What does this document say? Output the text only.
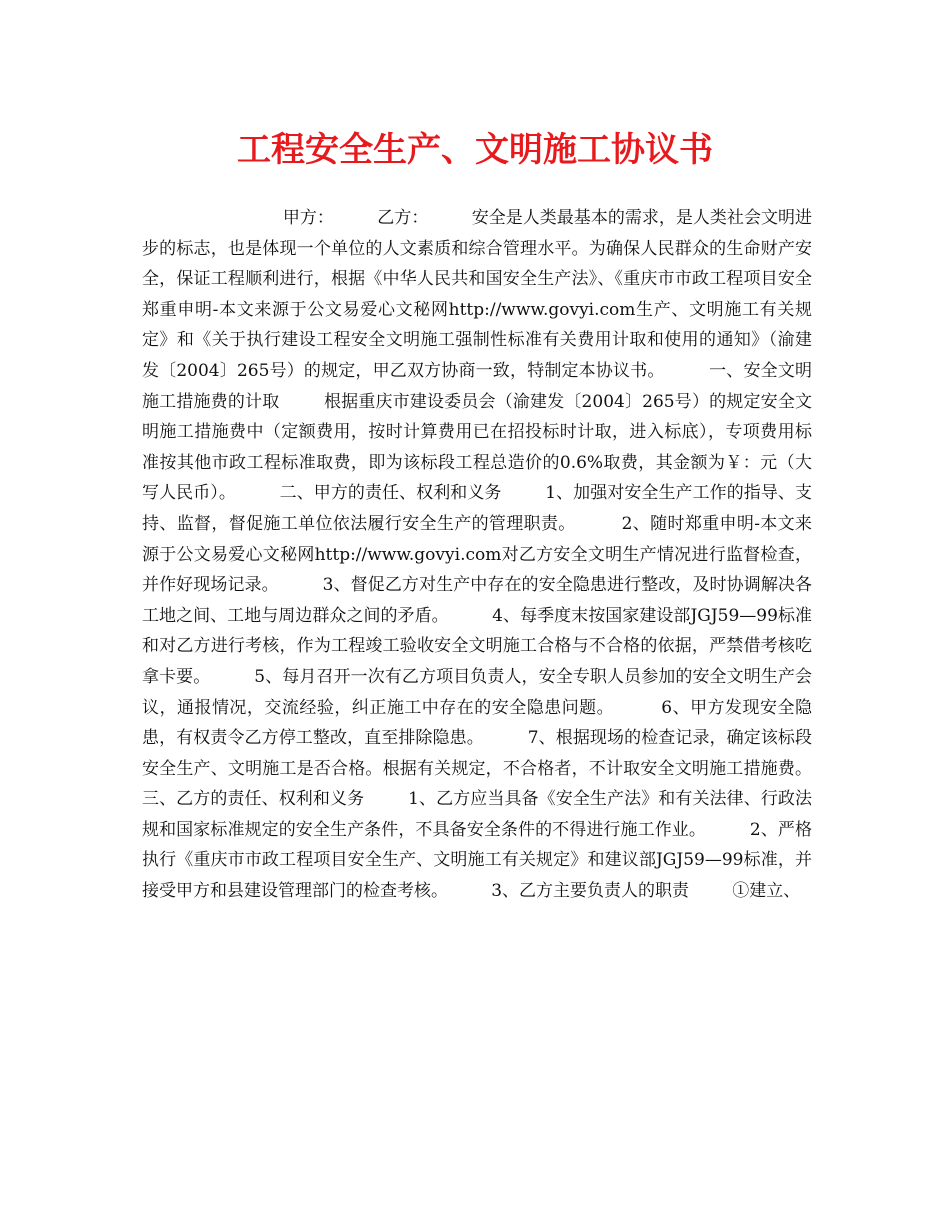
工程安全生产、文明施工协议书

甲方：        乙方：        安全是人类最基本的需求，是人类社会文明进步的标志，也是体现一个单位的人文素质和综合管理水平。为确保人民群众的生命财产安全，保证工程顺利进行，根据《中华人民共和国安全生产法》、《重庆市市政工程项目安全郑重申明-本文来源于公文易爱心文秘网http://www.govyi.com生产、文明施工有关规定》和《关于执行建设工程安全文明施工强制性标准有关费用计取和使用的通知》（渝建发〔2004〕265号）的规定，甲乙双方协商一致，特制定本协议书。        一、安全文明施工措施费的计取        根据重庆市建设委员会（渝建发〔2004〕265号）的规定安全文明施工措施费中（定额费用，按时计算费用已在招投标时计取，进入标底），专项费用标准按其他市政工程标准取费，即为该标段工程总造价的0.6%取费，其金额为￥：元（大写人民币）。        二、甲方的责任、权利和义务        1、加强对安全生产工作的指导、支持、监督，督促施工单位依法履行安全生产的管理职责。        2、随时郑重申明-本文来源于公文易爱心文秘网http://www.govyi.com对乙方安全文明生产情况进行监督检查，并作好现场记录。        3、督促乙方对生产中存在的安全隐患进行整改，及时协调解决各工地之间、工地与周边群众之间的矛盾。        4、每季度末按国家建设部JGJ59—99标准和对乙方进行考核，作为工程竣工验收安全文明施工合格与不合格的依据，严禁借考核吃拿卡要。        5、每月召开一次有乙方项目负责人，安全专职人员参加的安全文明生产会议，通报情况，交流经验，纠正施工中存在的安全隐患问题。        6、甲方发现安全隐患，有权责令乙方停工整改，直至排除隐患。        7、根据现场的检查记录，确定该标段安全生产、文明施工是否合格。根据有关规定，不合格者，不计取安全文明施工措施费。        三、乙方的责任、权利和义务        1、乙方应当具备《安全生产法》和有关法律、行政法规和国家标准规定的安全生产条件，不具备安全条件的不得进行施工作业。        2、严格执行《重庆市市政工程项目安全生产、文明施工有关规定》和建议部JGJ59—99标准，并接受甲方和县建设管理部门的检查考核。        3、乙方主要负责人的职责        ①建立、
